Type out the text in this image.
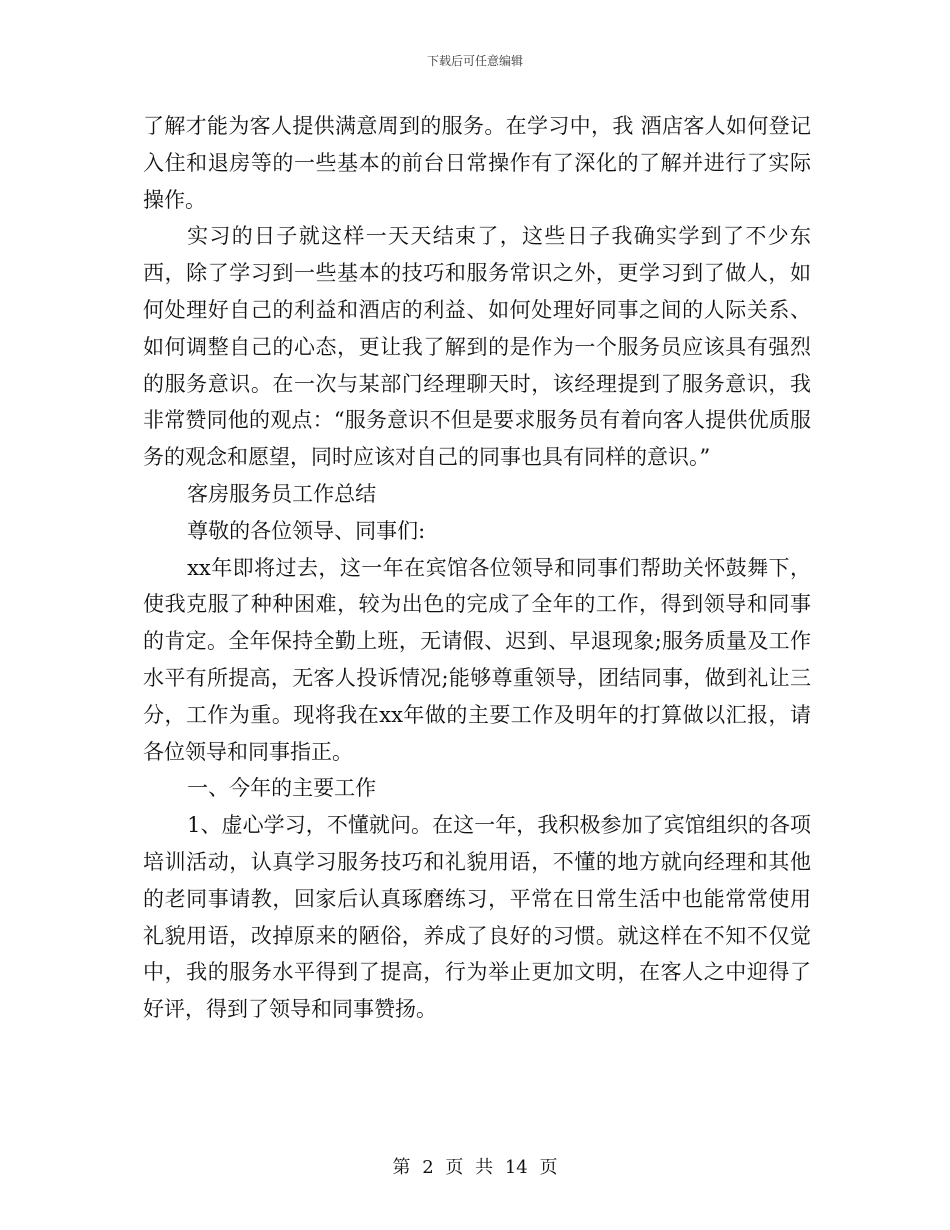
下载后可任意编辑

了解才能为客人提供满意周到的服务。在学习中，我 酒店客人如何登记入住和退房等的一些基本的前台日常操作有了深化的了解并进行了实际操作。

实习的日子就这样一天天结束了，这些日子我确实学到了不少东西，除了学习到一些基本的技巧和服务常识之外，更学习到了做人，如何处理好自己的利益和酒店的利益、如何处理好同事之间的人际关系、如何调整自己的心态，更让我了解到的是作为一个服务员应该具有强烈的服务意识。在一次与某部门经理聊天时，该经理提到了服务意识，我非常赞同他的观点：“服务意识不但是要求服务员有着向客人提供优质服务的观念和愿望，同时应该对自己的同事也具有同样的意识。”

客房服务员工作总结

尊敬的各位领导、同事们:

xx年即将过去，这一年在宾馆各位领导和同事们帮助关怀鼓舞下，使我克服了种种困难，较为出色的完成了全年的工作，得到领导和同事的肯定。全年保持全勤上班，无请假、迟到、早退现象;服务质量及工作水平有所提高，无客人投诉情况;能够尊重领导，团结同事，做到礼让三分，工作为重。现将我在xx年做的主要工作及明年的打算做以汇报，请各位领导和同事指正。

一、今年的主要工作

1、虚心学习，不懂就问。在这一年，我积极参加了宾馆组织的各项培训活动，认真学习服务技巧和礼貌用语，不懂的地方就向经理和其他的老同事请教，回家后认真琢磨练习，平常在日常生活中也能常常使用礼貌用语，改掉原来的陋俗，养成了良好的习惯。就这样在不知不仅觉中，我的服务水平得到了提高，行为举止更加文明，在客人之中迎得了好评，得到了领导和同事赞扬。

第 2 页 共 14 页
